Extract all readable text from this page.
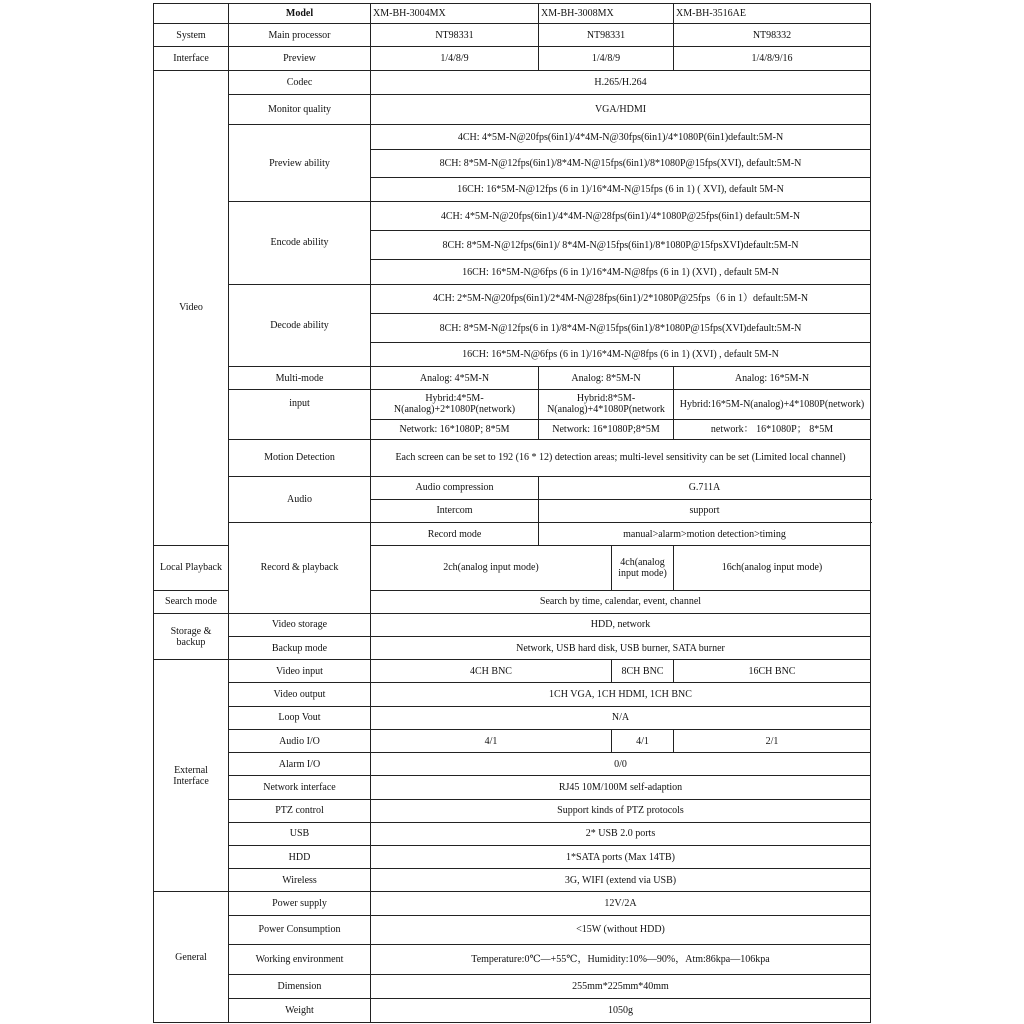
	Model	XM-BH-3004MX	XM-BH-3008MX		XM-BH-3516AE
System	Main processor	NT98331	NT98331		NT98332
Interface	Preview	1/4/8/9	1/4/8/9		1/4/8/9/16
Video	Codec	H.265/H.264			
	Monitor quality	VGA/HDMI			
	Preview ability	4CH: 4*5M-N@20fps(6in1)/4*4M-N@30fps(6in1)/4*1080P(6in1)default:5M-N			
		8CH: 8*5M-N@12fps(6in1)/8*4M-N@15fps(6in1)/8*1080P@15fps(XVI), default:5M-N			
		16CH: 16*5M-N@12fps (6 in 1)/16*4M-N@15fps (6 in 1) ( XVI), default 5M-N			
	Encode ability	4CH: 4*5M-N@20fps(6in1)/4*4M-N@28fps(6in1)/4*1080P@25fps(6in1) default:5M-N			
		8CH: 8*5M-N@12fps(6in1)/ 8*4M-N@15fps(6in1)/8*1080P@15fpsXVI)default:5M-N			
		16CH: 16*5M-N@6fps (6 in 1)/16*4M-N@8fps (6 in 1) (XVI) , default 5M-N			
	Decode ability	4CH: 2*5M-N@20fps(6in1)/2*4M-N@28fps(6in1)/2*1080P@25fps（6 in 1）default:5M-N			
		8CH: 8*5M-N@12fps(6 in 1)/8*4M-N@15fps(6in1)/8*1080P@15fps(XVI)default:5M-N			
		16CH: 16*5M-N@6fps (6 in 1)/16*4M-N@8fps (6 in 1) (XVI) , default 5M-N			
	Multi-mode	Analog: 4*5M-N	Analog: 8*5M-N		Analog: 16*5M-N
	input	Hybrid:4*5M-N(analog)+2*1080P(network)	Hybrid:8*5M-N(analog)+4*1080P(network		Hybrid:16*5M-N(analog)+4*1080P(network)
		Network: 16*1080P; 8*5M	Network: 16*1080P;8*5M		network： 16*1080P； 8*5M
	Motion Detection	Each screen can be set to 192 (16 * 12) detection areas; multi-level sensitivity can be set (Limited local channel)			
	Audio	Audio compression	G.711A		
		Intercom	support		
	Record & playback	Record mode	manual>alarm>motion detection>timing		
Local Playback		2ch(analog input mode)		4ch(analog input mode)	16ch(analog input mode)
Search mode		Search by time, calendar, event, channel			
Storage & backup	Video storage	HDD, network			
	Backup mode	Network, USB hard disk, USB burner, SATA burner			
External Interface	Video input	4CH BNC		8CH BNC	16CH BNC
	Video output	1CH VGA, 1CH HDMI, 1CH BNC			
	Loop Vout	N/A			
	Audio I/O	4/1		4/1	2/1
	Alarm I/O	0/0			
	Network interface	RJ45 10M/100M self-adaption			
	PTZ control	Support kinds of PTZ protocols			
	USB	2* USB 2.0 ports			
	HDD	1*SATA ports (Max 14TB)			
	Wireless	3G, WIFI (extend via USB)			
General	Power supply	12V/2A			
	Power Consumption	<15W (without HDD)			
	Working environment	Temperature:0℃—+55℃，Humidity:10%—90%，Atm:86kpa—106kpa			
	Dimension	255mm*225mm*40mm			
	Weight	1050g			
